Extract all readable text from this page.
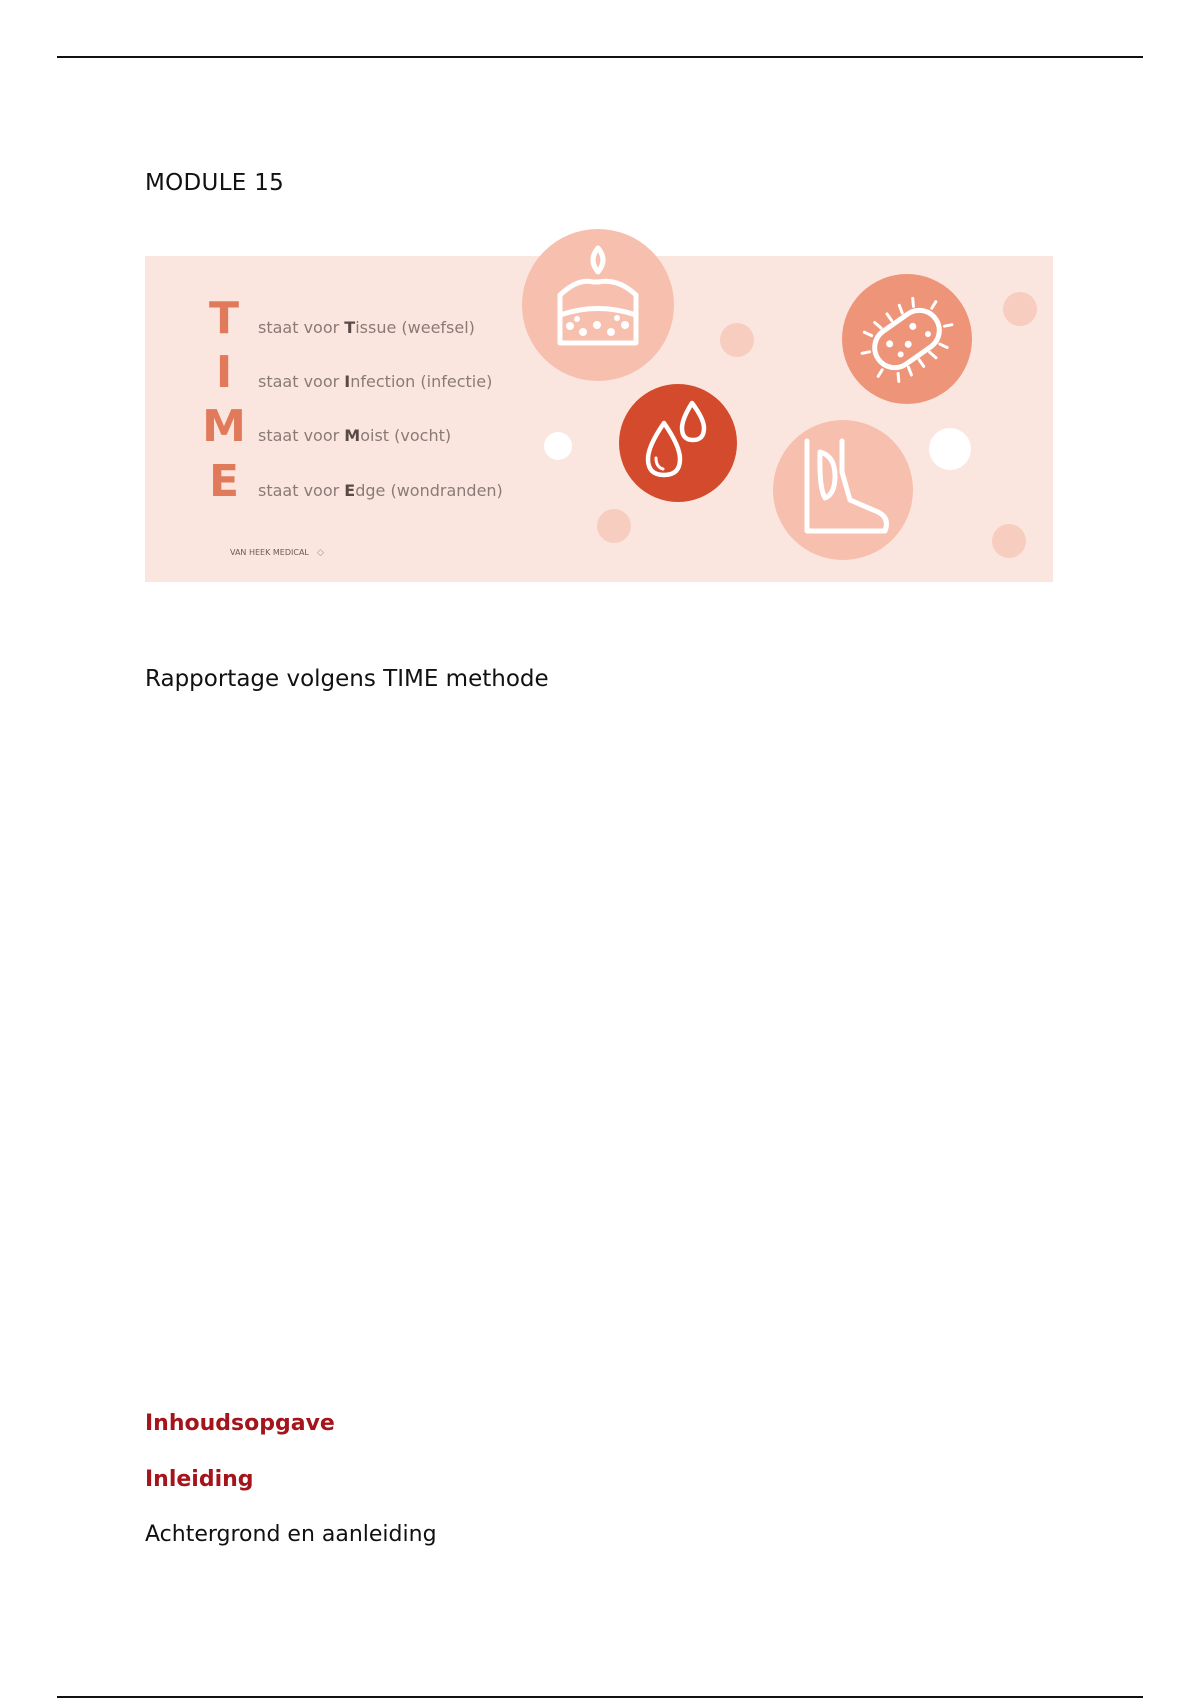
MODULE 15
T
I
M
E
staat voor Tissue (weefsel)
staat voor Infection (infectie)
staat voor Moist (vocht)
staat voor Edge (wondranden)
VAN HEEK MEDICAL ◇
Rapportage volgens TIME methode
Inhoudsopgave
Inleiding
Achtergrond en aanleiding
